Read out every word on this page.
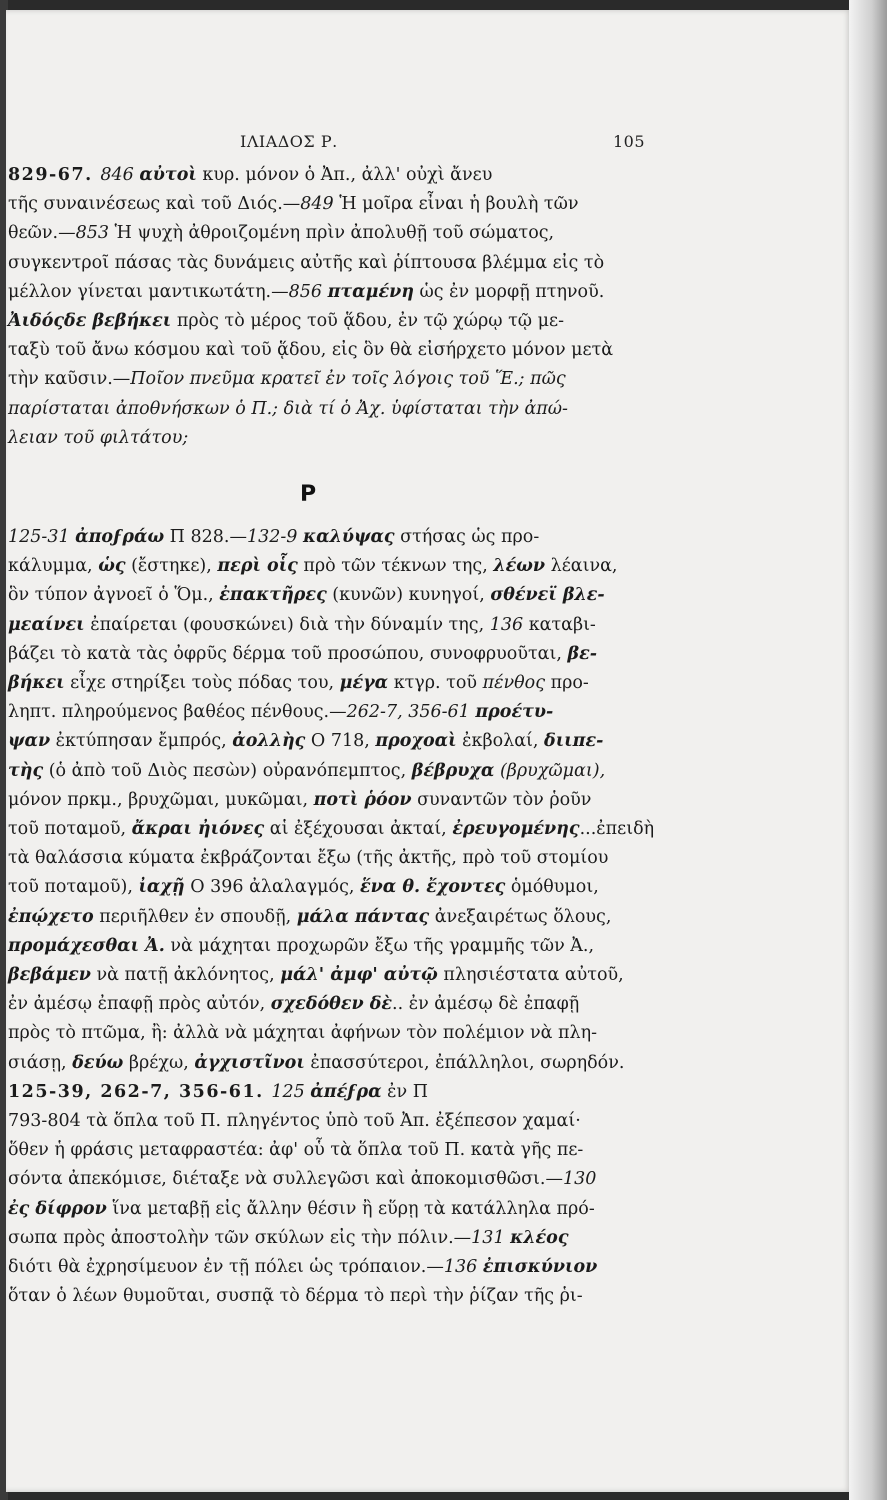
ΙΛΙΑΔΟΣ Ρ.	105
Ρ
829-67. 846 αὐτοὶ κυρ. μόνον ὁ Ἀπ., ἀλλ' οὐχὶ ἄνευ
τῆς συναινέσεως καὶ τοῦ Διός.—849 Ἡ μοῖρα εἶναι ἡ βουλὴ τῶν
θεῶν.—853 Ἡ ψυχὴ ἀθροιζομένη πρὶν ἀπολυθῇ τοῦ σώματος,
συγκεντροῖ πάσας τὰς δυνάμεις αὐτῆς καὶ ῥίπτουσα βλέμμα εἰς τὸ
μέλλον γίνεται μαντικωτάτη.—856 πταμένη ὡς ἐν μορφῇ πτηνοῦ.
Ἀιδόςδε βεβήκει πρὸς τὸ μέρος τοῦ ᾅδου, ἐν τῷ χώρῳ τῷ με-
ταξὺ τοῦ ἄνω κόσμου καὶ τοῦ ᾅδου, εἰς ὃν θὰ εἰσήρχετο μόνον μετὰ
τὴν καῦσιν.—Ποῖον πνεῦμα κρατεῖ ἐν τοῖς λόγοις τοῦ Ἕ.; πῶς
παρίσταται ἀποθνήσκων ὁ Π.; διὰ τί ὁ Ἀχ. ὑφίσταται τὴν ἀπώ-
λειαν τοῦ φιλτάτου;
125-31 ἀποϝράω Π 828.—132-9 καλύψας στήσας ὡς προ-
κάλυμμα, ὡς (ἔστηκε), περὶ οἷς πρὸ τῶν τέκνων της, λέων λέαινα,
ὃν τύπον ἀγνοεῖ ὁ Ὅμ., ἐπακτῆρες (κυνῶν) κυνηγοί, σθένεϊ βλε-
μεαίνει ἐπαίρεται (φουσκώνει) διὰ τὴν δύναμίν της, 136 καταβι-
βάζει τὸ κατὰ τὰς ὀφρῦς δέρμα τοῦ προσώπου, συνοφρυοῦται, βε-
βήκει εἶχε στηρίξει τοὺς πόδας του, μέγα κτγρ. τοῦ πένθος προ-
ληπτ. πληρούμενος βαθέος πένθους.—262-7, 356-61 προέτυ-
ψαν ἐκτύπησαν ἔμπρός, ἀολλὴς Ο 718, προχοαὶ ἐκβολαί, διιπε-
τὴς (ὁ ἀπὸ τοῦ Διὸς πεσὼν) οὐρανόπεμπτος, βέβρυχα (βρυχῶμαι),
μόνον πρκμ., βρυχῶμαι, μυκῶμαι, ποτὶ ῥόον συναντῶν τὸν ῥοῦν
τοῦ ποταμοῦ, ἄκραι ἠιόνες αἱ ἐξέχουσαι ἀκταί, ἐρευγομένης...ἐπειδὴ
τὰ θαλάσσια κύματα ἐκβράζονται ἔξω (τῆς ἀκτῆς, πρὸ τοῦ στομίου
τοῦ ποταμοῦ), ἰαχῇ Ο 396 ἀλαλαγμός, ἕνα θ. ἔχοντες ὁμόθυμοι,
ἐπῴχετο περιῆλθεν ἐν σπουδῇ, μάλα πάντας ἀνεξαιρέτως ὅλους,
προμάχεσθαι Ἀ. νὰ μάχηται προχωρῶν ἔξω τῆς γραμμῆς τῶν Ἀ.,
βεβάμεν νὰ πατῇ ἀκλόνητος, μάλ' ἀμφ' αὐτῷ πλησιέστατα αὐτοῦ,
ἐν ἀμέσῳ ἐπαφῇ πρὸς αὐτόν, σχεδόθεν δὲ.. ἐν ἀμέσῳ δὲ ἐπαφῇ
πρὸς τὸ πτῶμα, ἢ: ἀλλὰ νὰ μάχηται ἀφήνων τὸν πολέμιον νὰ πλη-
σιάσῃ, δεύω βρέχω, ἀγχιστῖνοι ἐπασσύτεροι, ἐπάλληλοι, σωρηδόν.
125-39, 262-7, 356-61. 125 ἀπέϝρα ἐν Π
793-804 τὰ ὅπλα τοῦ Π. πληγέντος ὑπὸ τοῦ Ἀπ. ἐξέπεσον χαμαί·
ὅθεν ἡ φράσις μεταφραστέα: ἀφ' οὗ τὰ ὅπλα τοῦ Π. κατὰ γῆς πε-
σόντα ἀπεκόμισε, διέταξε νὰ συλλεγῶσι καὶ ἀποκομισθῶσι.—130
ἐς δίφρον ἵνα μεταβῇ εἰς ἄλλην θέσιν ἢ εὕρῃ τὰ κατάλληλα πρό-
σωπα πρὸς ἀποστολὴν τῶν σκύλων εἰς τὴν πόλιν.—131 κλέος
διότι θὰ ἐχρησίμευον ἐν τῇ πόλει ὡς τρόπαιον.—136 ἐπισκύνιον
ὅταν ὁ λέων θυμοῦται, συσπᾷ τὸ δέρμα τὸ περὶ τὴν ῥίζαν τῆς ῥι-
